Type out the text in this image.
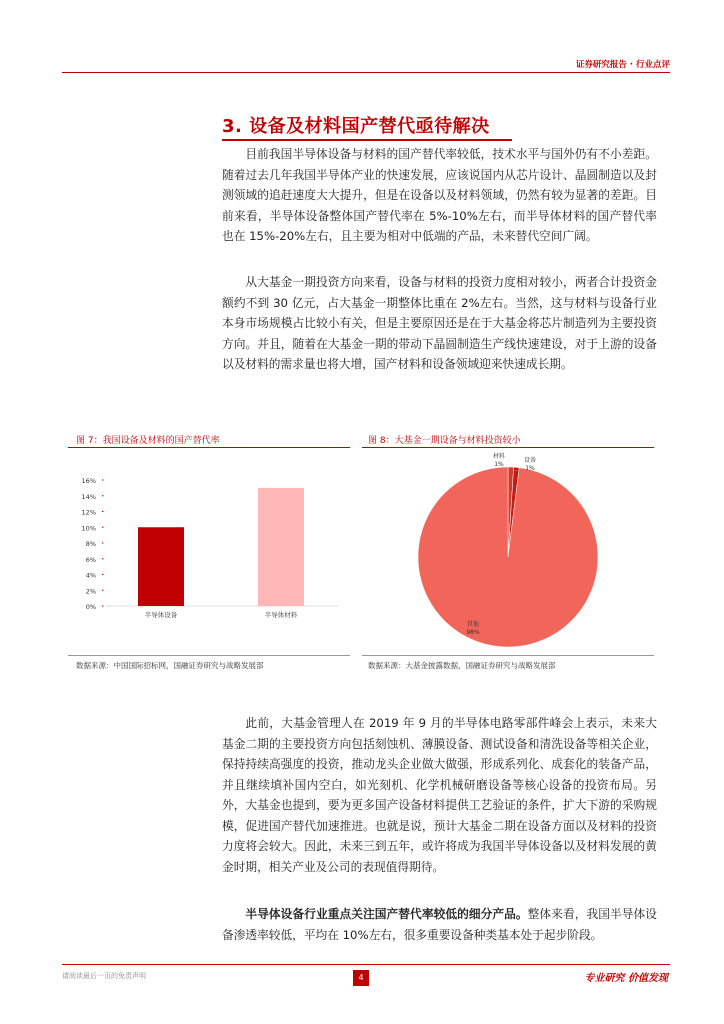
证券研究报告 · 行业点评
3. 设备及材料国产替代亟待解决

目前我国半导体设备与材料的国产替代率较低，技术水平与国外仍有不小差距。随着过去几年我国半导体产业的快速发展，应该说国内从芯片设计、晶圆制造以及封测领域的追赶速度大大提升，但是在设备以及材料领域，仍然有较为显著的差距。目前来看，半导体设备整体国产替代率在 5%-10%左右，而半导体材料的国产替代率也在 15%-20%左右，且主要为相对中低端的产品，未来替代空间广阔。

从大基金一期投资方向来看，设备与材料的投资力度相对较小，两者合计投资金额约不到 30 亿元，占大基金一期整体比重在 2%左右。当然，这与材料与设备行业本身市场规模占比较小有关，但是主要原因还是在于大基金将芯片制造列为主要投资方向。并且，随着在大基金一期的带动下晶圆制造生产线快速建设，对于上游的设备以及材料的需求量也将大增，国产材料和设备领域迎来快速成长期。

图 7：我国设备及材料的国产替代率
0%
2%
4%
6%
8%
10%
12%
14%
16%
半导体设备	半导体材料
数据来源：中国国际招标网，国融证券研究与战略发展部
图 8：大基金一期设备与材料投资较小
材料
1%
设备
1%
其他
98%
数据来源：大基金披露数据，国融证券研究与战略发展部

此前，大基金管理人在 2019 年 9 月的半导体电路零部件峰会上表示，未来大基金二期的主要投资方向包括刻蚀机、薄膜设备、测试设备和清洗设备等相关企业，保持持续高强度的投资，推动龙头企业做大做强，形成系列化、成套化的装备产品，并且继续填补国内空白，如光刻机、化学机械研磨设备等核心设备的投资布局。另外，大基金也提到，要为更多国产设备材料提供工艺验证的条件，扩大下游的采购规模，促进国产替代加速推进。也就是说，预计大基金二期在设备方面以及材料的投资力度将会较大。因此，未来三到五年，或许将成为我国半导体设备以及材料发展的黄金时期，相关产业及公司的表现值得期待。

半导体设备行业重点关注国产替代率较低的细分产品。整体来看，我国半导体设备渗透率较低，平均在 10%左右，很多重要设备种类基本处于起步阶段。

请阅读最后一页的免责声明	4	专业研究 价值发现
